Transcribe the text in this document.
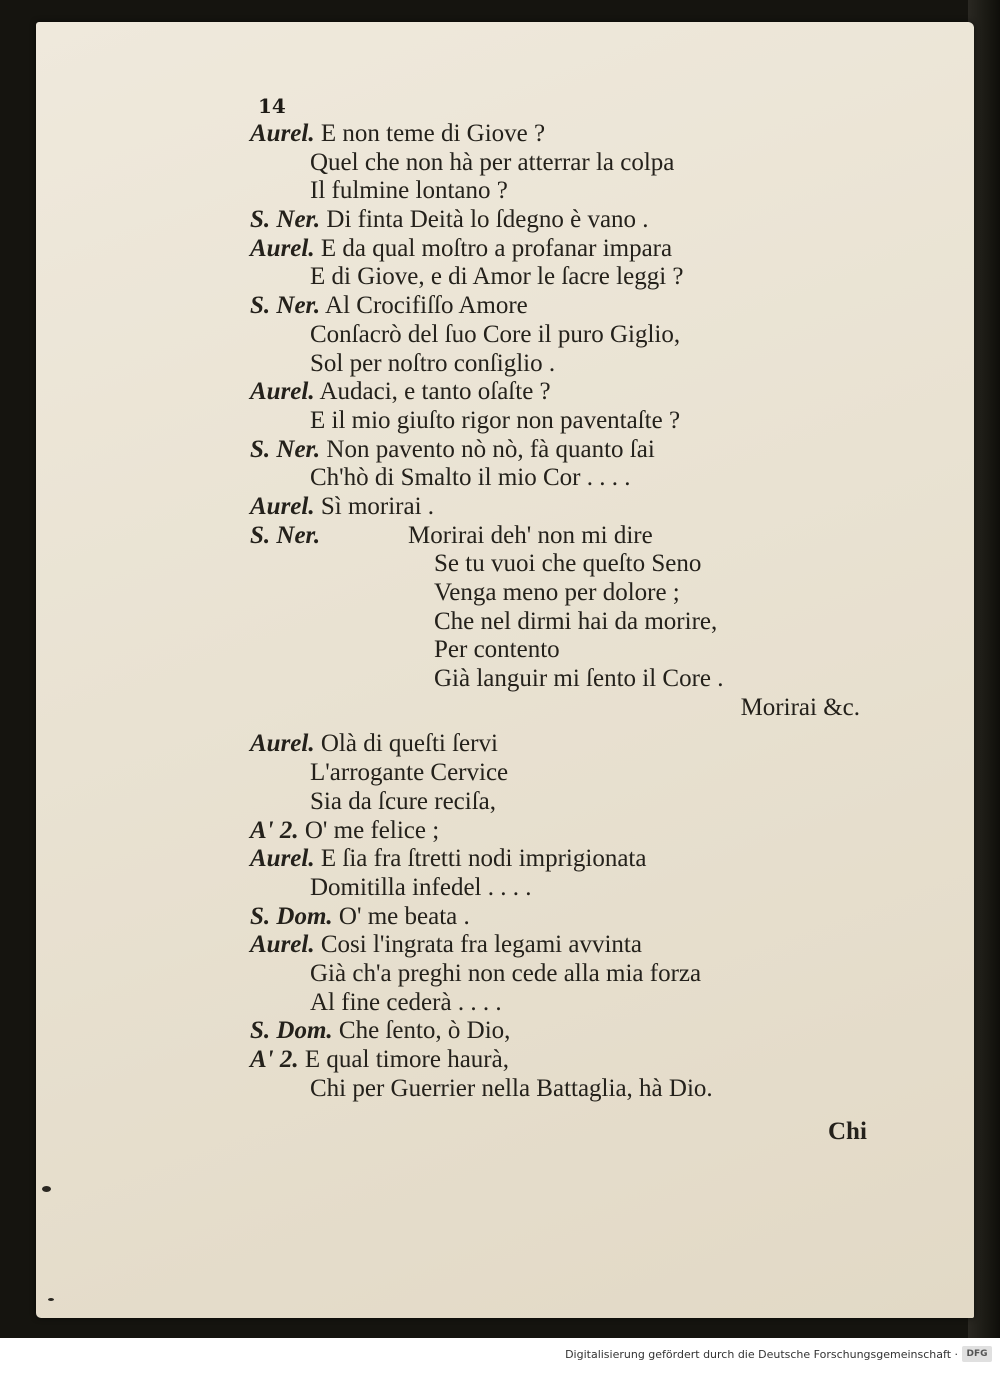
14
Aurel. E non teme di Giove ?
Quel che non hà per atterrar la colpa
Il fulmine lontano ?
S. Ner. Di finta Deità lo ſdegno è vano .
Aurel. E da qual moſtro a profanar impara
E di Giove, e di Amor le ſacre leggi ?
S. Ner. Al Crocifiſſo Amore
Conſacrò del ſuo Core il puro Giglio,
Sol per noſtro conſiglio .
Aurel. Audaci, e tanto oſaſte ?
E il mio giuſto rigor non paventaſte ?
S. Ner. Non pavento nò nò, fà quanto ſai
Ch'hò di Smalto il mio Cor . . . .
Aurel. Sì morirai .
S. Ner.	Morirai deh' non mi dire
Se tu vuoi che queſto Seno
Venga meno per dolore ;
Che nel dirmi hai da morire,
Per contento
Già languir mi ſento il Core .
Morirai &c.
Aurel. Olà di queſti ſervi
L'arrogante Cervice
Sia da ſcure reciſa,
A' 2. O' me felice ;
Aurel. E ſia fra ſtretti nodi imprigionata
Domitilla infedel . . . .
S. Dom. O' me beata .
Aurel. Cosi l'ingrata fra legami avvinta
Già ch'a preghi non cede alla mia forza
Al fine cederà . . . .
S. Dom. Che ſento, ò Dio,
A' 2. E qual timore haurà,
Chi per Guerrier nella Battaglia, hà Dio.
Chi
Digitalisierung gefördert durch die Deutsche Forschungsgemeinschaft · DFG
